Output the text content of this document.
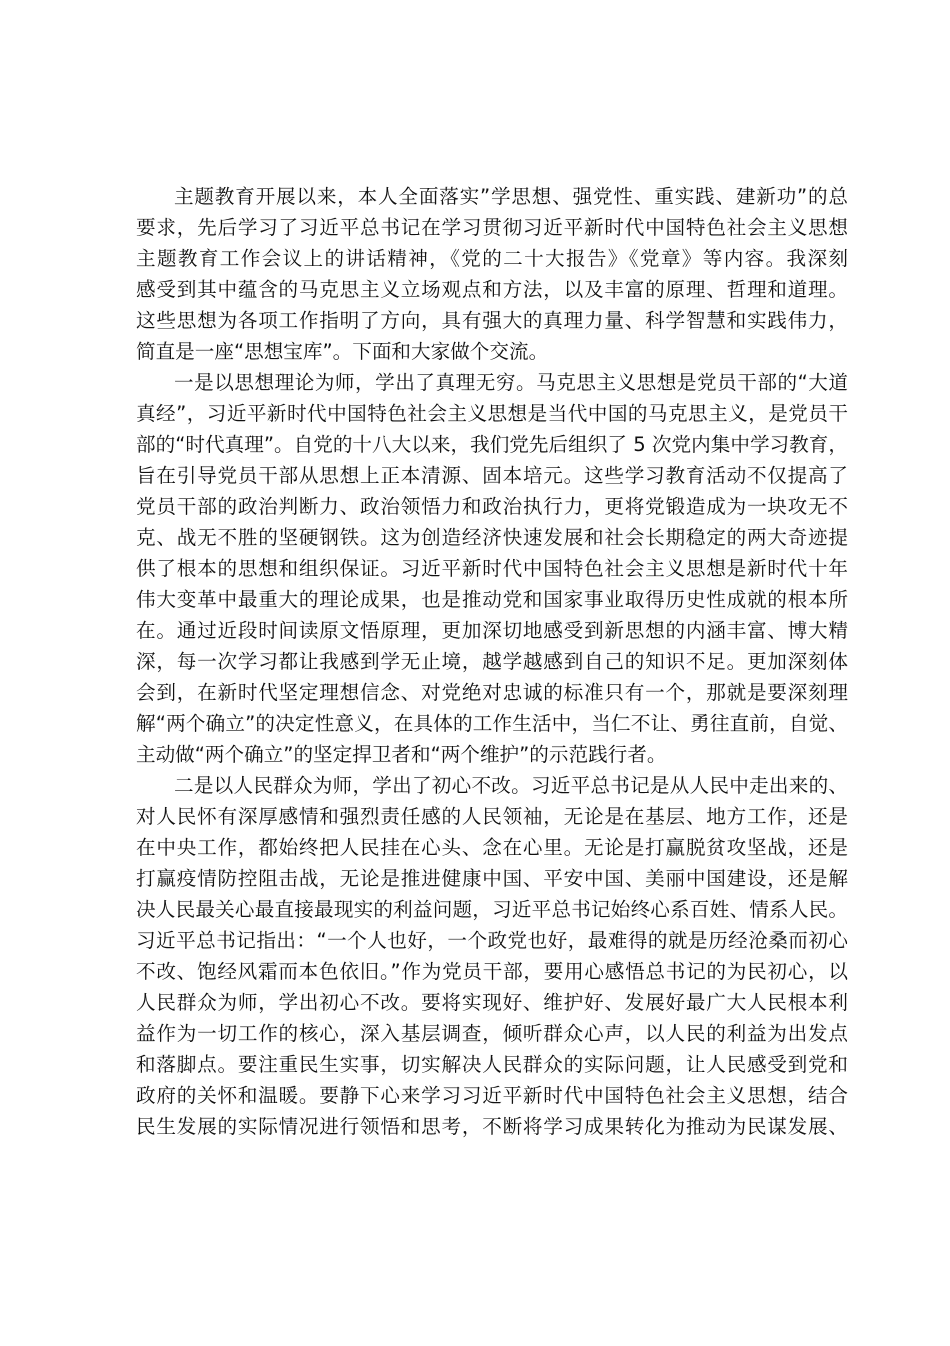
主题教育开展以来，本人全面落实”学思想、强党性、重实践、建新功”的总
要求，先后学习了习近平总书记在学习贯彻习近平新时代中国特色社会主义思想
主题教育工作会议上的讲话精神，《党的二十大报告》《党章》等内容。我深刻
感受到其中蕴含的马克思主义立场观点和方法，以及丰富的原理、哲理和道理。
这些思想为各项工作指明了方向，具有强大的真理力量、科学智慧和实践伟力，
简直是一座“思想宝库”。下面和大家做个交流。
一是以思想理论为师，学出了真理无穷。马克思主义思想是党员干部的“大道
真经”，习近平新时代中国特色社会主义思想是当代中国的马克思主义，是党员干
部的“时代真理”。自党的十八大以来，我们党先后组织了 5 次党内集中学习教育，
旨在引导党员干部从思想上正本清源、固本培元。这些学习教育活动不仅提高了
党员干部的政治判断力、政治领悟力和政治执行力，更将党锻造成为一块攻无不
克、战无不胜的坚硬钢铁。这为创造经济快速发展和社会长期稳定的两大奇迹提
供了根本的思想和组织保证。习近平新时代中国特色社会主义思想是新时代十年
伟大变革中最重大的理论成果，也是推动党和国家事业取得历史性成就的根本所
在。通过近段时间读原文悟原理，更加深切地感受到新思想的内涵丰富、博大精
深，每一次学习都让我感到学无止境，越学越感到自己的知识不足。更加深刻体
会到，在新时代坚定理想信念、对党绝对忠诚的标准只有一个，那就是要深刻理
解“两个确立”的决定性意义，在具体的工作生活中，当仁不让、勇往直前，自觉、
主动做“两个确立”的坚定捍卫者和“两个维护”的示范践行者。
二是以人民群众为师，学出了初心不改。习近平总书记是从人民中走出来的、
对人民怀有深厚感情和强烈责任感的人民领袖，无论是在基层、地方工作，还是
在中央工作，都始终把人民挂在心头、念在心里。无论是打赢脱贫攻坚战，还是
打赢疫情防控阻击战，无论是推进健康中国、平安中国、美丽中国建设，还是解
决人民最关心最直接最现实的利益问题，习近平总书记始终心系百姓、情系人民。
习近平总书记指出：“一个人也好，一个政党也好，最难得的就是历经沧桑而初心
不改、饱经风霜而本色依旧。”作为党员干部，要用心感悟总书记的为民初心，以
人民群众为师，学出初心不改。要将实现好、维护好、发展好最广大人民根本利
益作为一切工作的核心，深入基层调查，倾听群众心声，以人民的利益为出发点
和落脚点。要注重民生实事，切实解决人民群众的实际问题，让人民感受到党和
政府的关怀和温暖。要静下心来学习习近平新时代中国特色社会主义思想，结合
民生发展的实际情况进行领悟和思考，不断将学习成果转化为推动为民谋发展、
